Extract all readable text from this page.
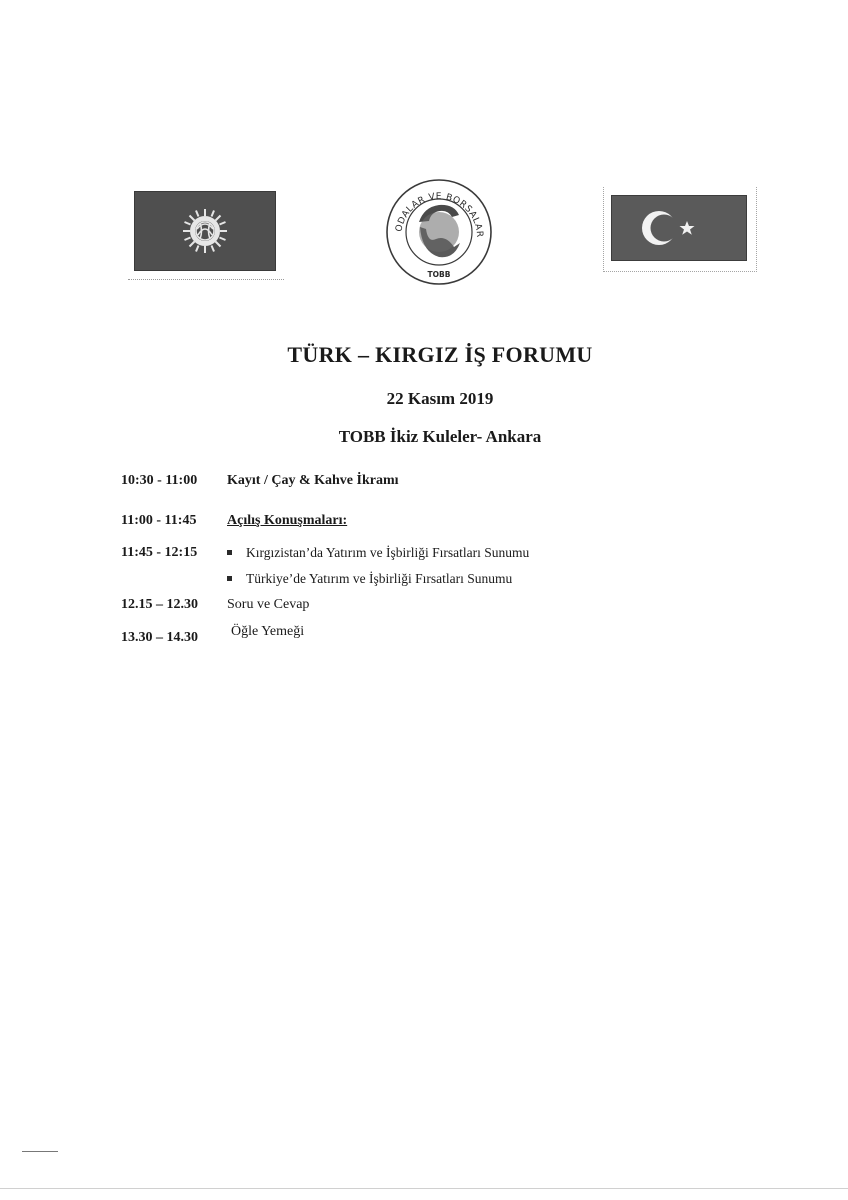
ODALAR VE BORSALAR
TOBB
TÜRK – KIRGIZ İŞ FORUMU
22 Kasım 2019
TOBB İkiz Kuleler- Ankara
10:30 - 11:00 Kayıt / Çay & Kahve İkramı
11:00 - 11:45 Açılış Konuşmaları:
11:45 - 12:15	Kırgızistan’da Yatırım ve İşbirliği Fırsatları Sunumu
Türkiye’de Yatırım ve İşbirliği Fırsatları Sunumu
12.15 – 12.30 Soru ve Cevap
13.30 – 14.30 Öğle Yemeği
